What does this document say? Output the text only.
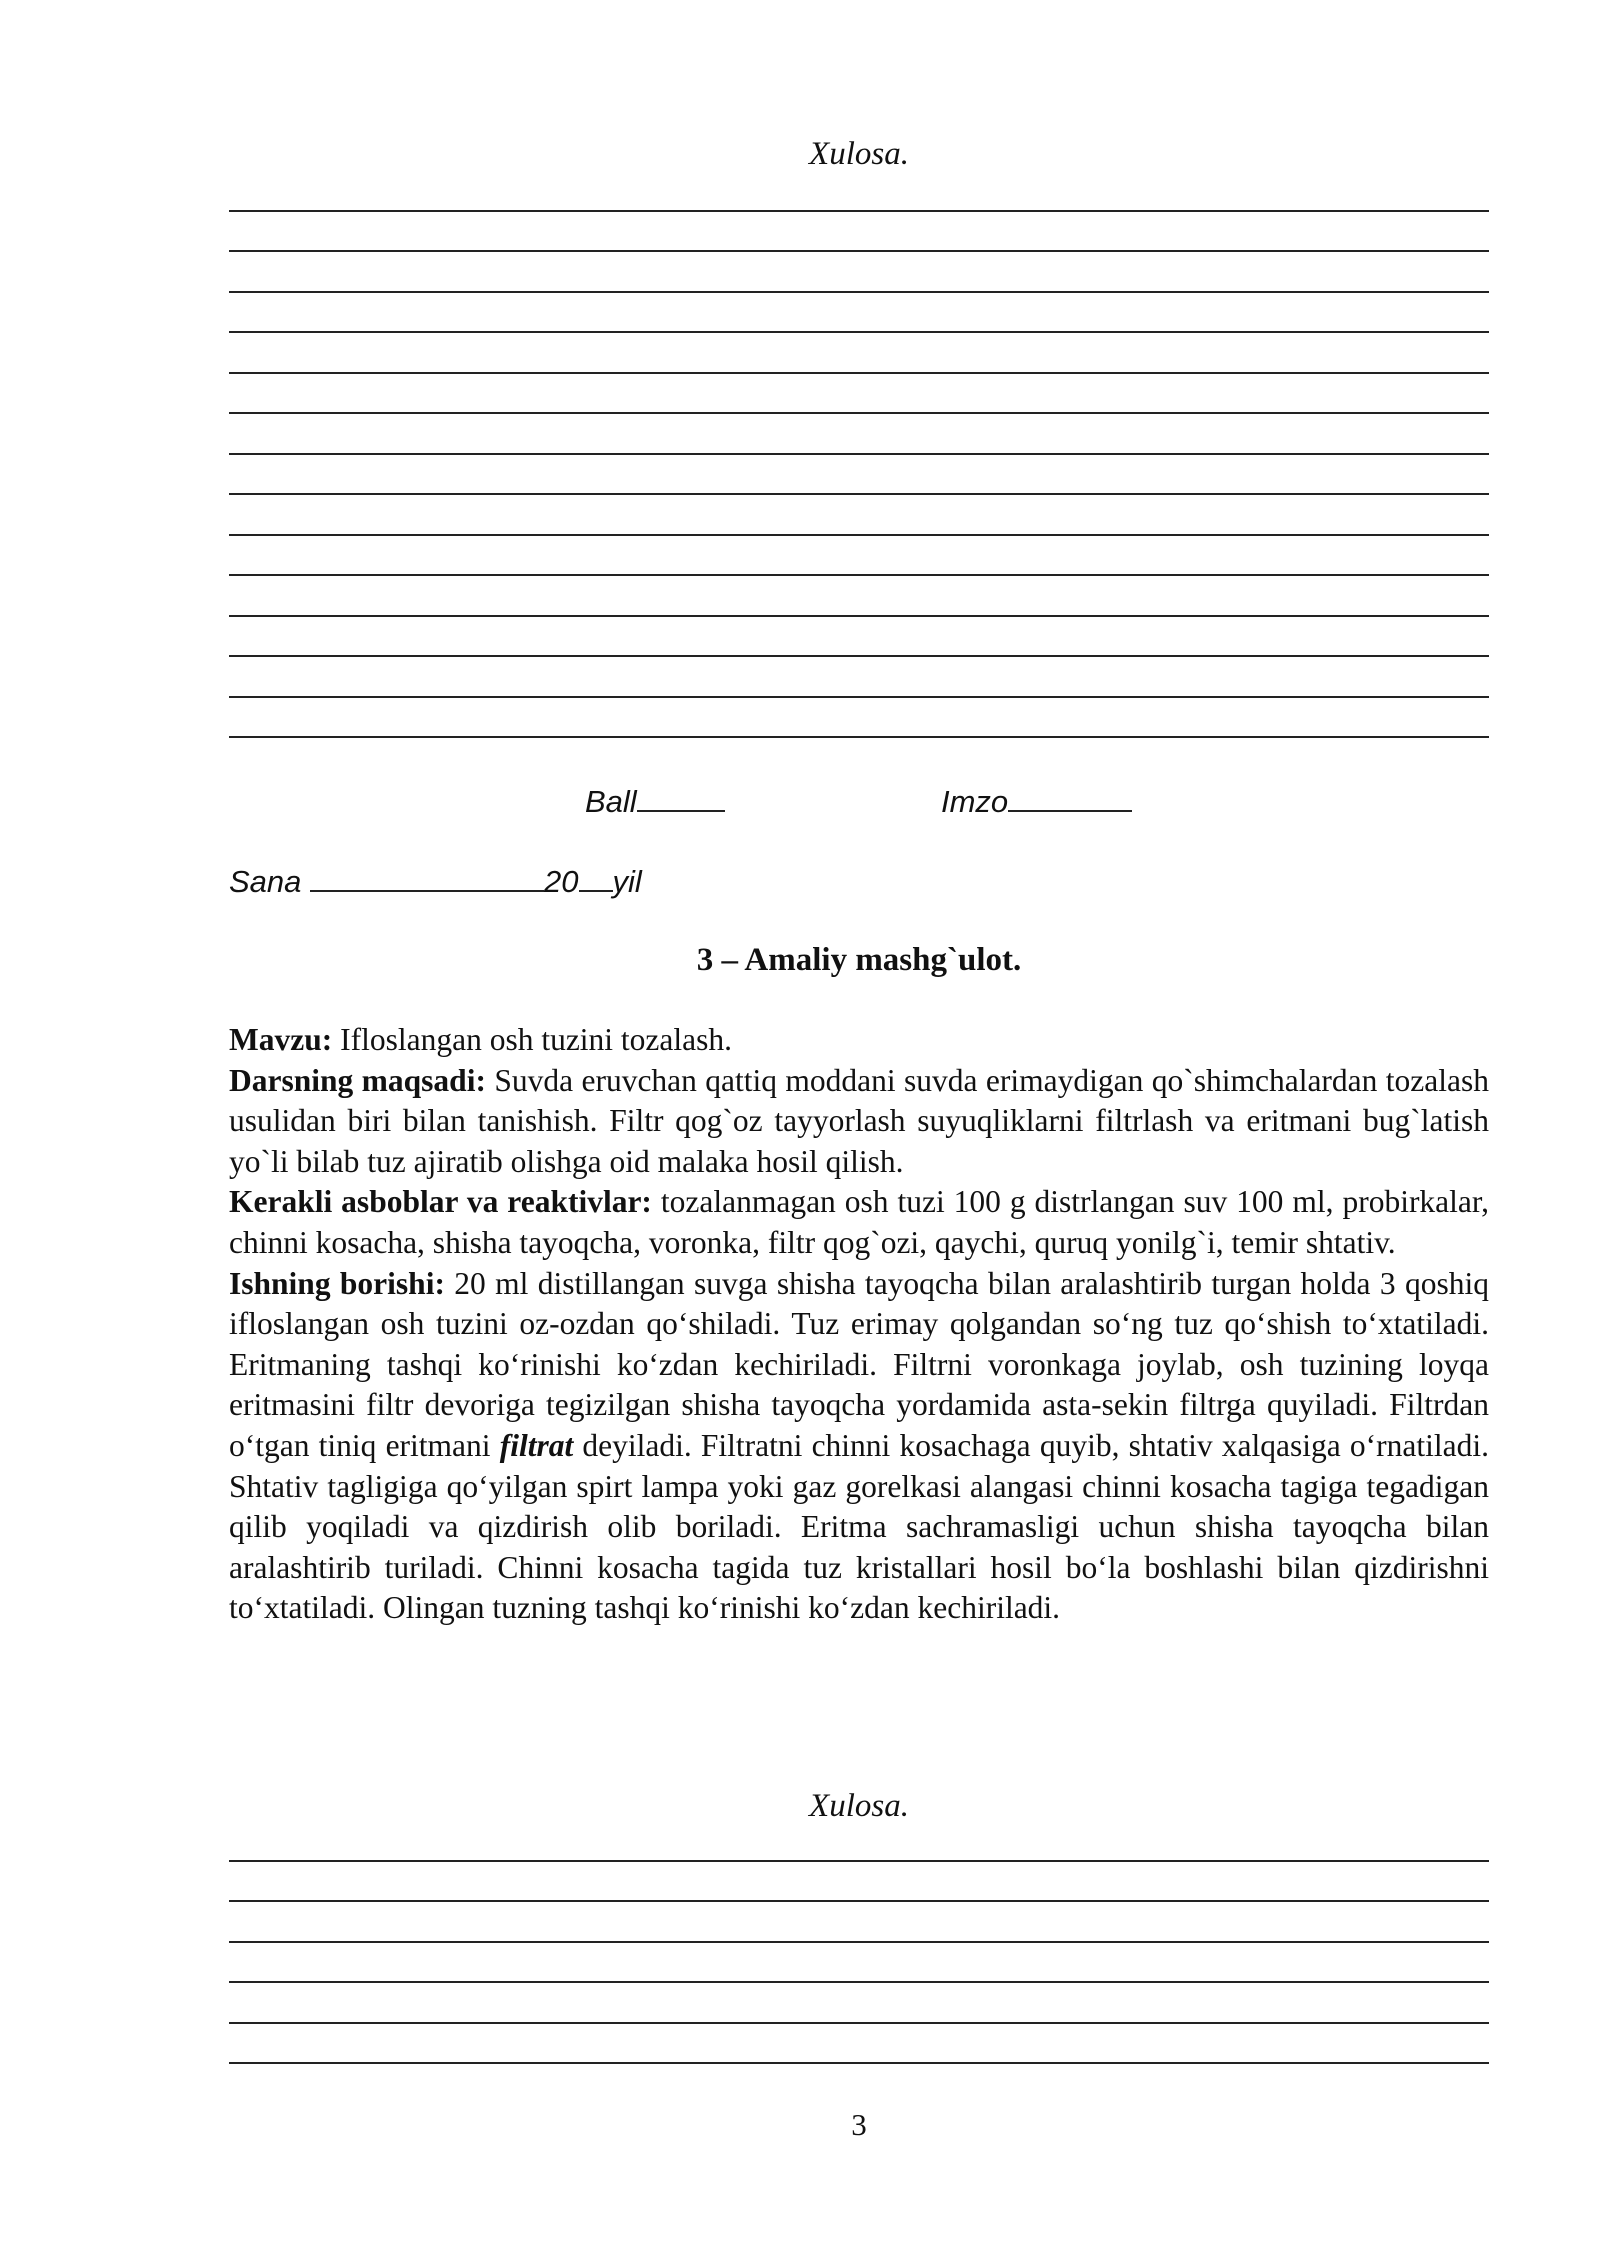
Xulosa.
Ball	Imzo
Sana	20 yil
3 – Amaliy mashg`ulot.

Mavzu: Ifloslangan osh tuzini tozalash.

Darsning maqsadi: Suvda eruvchan qattiq moddani suvda erimaydigan qo`shimchalardan tozalash usulidan biri bilan tanishish. Filtr qog`oz tayyorlash suyuqliklarni filtrlash va eritmani bug`latish yo`li bilab tuz ajiratib olishga oid malaka hosil qilish.

Kerakli asboblar va reaktivlar: tozalanmagan osh tuzi 100 g distrlangan suv 100 ml, probirkalar, chinni kosacha, shisha tayoqcha, voronka, filtr qog`ozi, qaychi, quruq yonilg`i, temir shtativ.

Ishning borishi: 20 ml distillangan suvga shisha tayoqcha bilan aralashtirib turgan holda 3 qoshiq ifloslangan osh tuzini oz-ozdan qo‘shiladi. Tuz erimay qolgandan so‘ng tuz qo‘shish to‘xtatiladi. Eritmaning tashqi ko‘rinishi ko‘zdan kechiriladi. Filtrni voronkaga joylab, osh tuzining loyqa eritmasini filtr devoriga tegizilgan shisha tayoqcha yordamida asta-sekin filtrga quyiladi. Filtrdan o‘tgan tiniq eritmani filtrat deyiladi. Filtratni chinni kosachaga quyib, shtativ xalqasiga o‘rnatiladi. Shtativ tagligiga qo‘yilgan spirt lampa yoki gaz gorelkasi alangasi chinni kosacha tagiga tegadigan qilib yoqiladi va qizdirish olib boriladi. Eritma sachramasligi uchun shisha tayoqcha bilan aralashtirib turiladi. Chinni kosacha tagida tuz kristallari hosil bo‘la boshlashi bilan qizdirishni to‘xtatiladi. Olingan tuzning tashqi ko‘rinishi ko‘zdan kechiriladi.

Xulosa.
3
